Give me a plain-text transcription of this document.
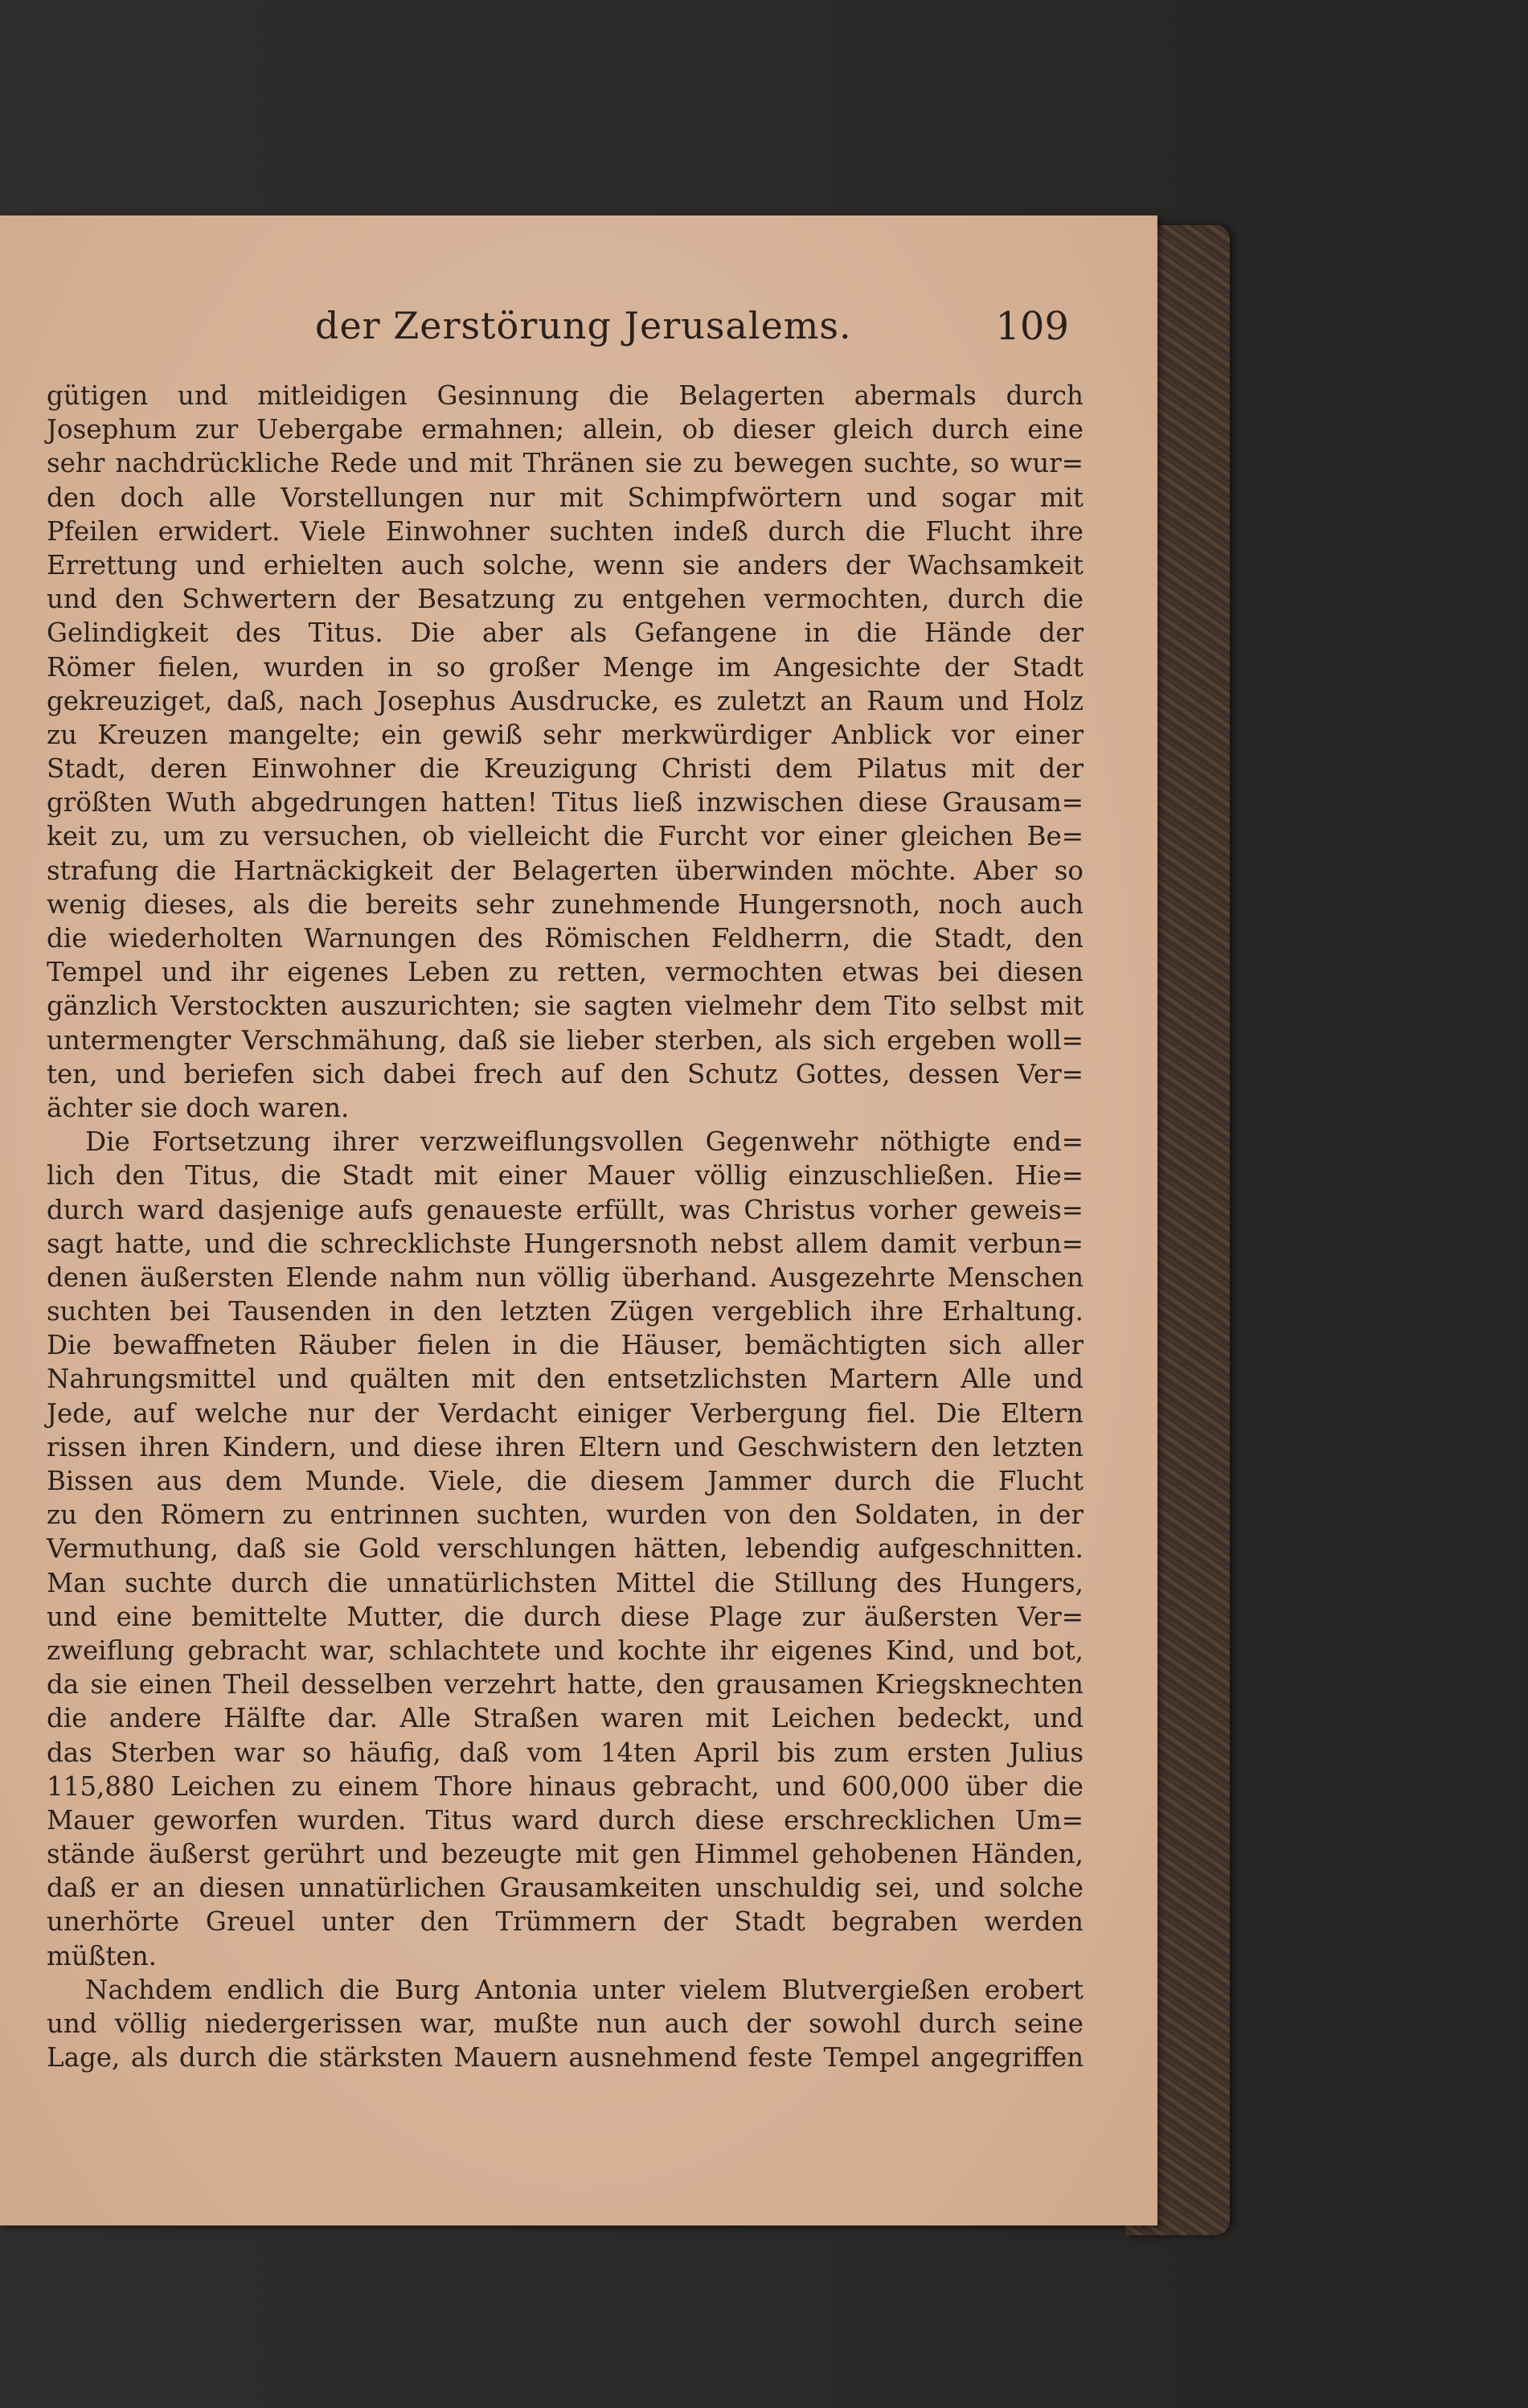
der Zerstörung Jerusalems.	109
gütigen und mitleidigen Gesinnung die Belagerten abermals durch
Josephum zur Uebergabe ermahnen; allein, ob dieser gleich durch eine
sehr nachdrückliche Rede und mit Thränen sie zu bewegen suchte, so wur=
den doch alle Vorstellungen nur mit Schimpfwörtern und sogar mit
Pfeilen erwidert. Viele Einwohner suchten indeß durch die Flucht ihre
Errettung und erhielten auch solche, wenn sie anders der Wachsamkeit
und den Schwertern der Besatzung zu entgehen vermochten, durch die
Gelindigkeit des Titus. Die aber als Gefangene in die Hände der
Römer fielen, wurden in so großer Menge im Angesichte der Stadt
gekreuziget, daß, nach Josephus Ausdrucke, es zuletzt an Raum und Holz
zu Kreuzen mangelte; ein gewiß sehr merkwürdiger Anblick vor einer
Stadt, deren Einwohner die Kreuzigung Christi dem Pilatus mit der
größten Wuth abgedrungen hatten! Titus ließ inzwischen diese Grausam=
keit zu, um zu versuchen, ob vielleicht die Furcht vor einer gleichen Be=
strafung die Hartnäckigkeit der Belagerten überwinden möchte. Aber so
wenig dieses, als die bereits sehr zunehmende Hungersnoth, noch auch
die wiederholten Warnungen des Römischen Feldherrn, die Stadt, den
Tempel und ihr eigenes Leben zu retten, vermochten etwas bei diesen
gänzlich Verstockten auszurichten; sie sagten vielmehr dem Tito selbst mit
untermengter Verschmähung, daß sie lieber sterben, als sich ergeben woll=
ten, und beriefen sich dabei frech auf den Schutz Gottes, dessen Ver=
ächter sie doch waren.
Die Fortsetzung ihrer verzweiflungsvollen Gegenwehr nöthigte end=
lich den Titus, die Stadt mit einer Mauer völlig einzuschließen. Hie=
durch ward dasjenige aufs genaueste erfüllt, was Christus vorher geweis=
sagt hatte, und die schrecklichste Hungersnoth nebst allem damit verbun=
denen äußersten Elende nahm nun völlig überhand. Ausgezehrte Menschen
suchten bei Tausenden in den letzten Zügen vergeblich ihre Erhaltung.
Die bewaffneten Räuber fielen in die Häuser, bemächtigten sich aller
Nahrungsmittel und quälten mit den entsetzlichsten Martern Alle und
Jede, auf welche nur der Verdacht einiger Verbergung fiel. Die Eltern
rissen ihren Kindern, und diese ihren Eltern und Geschwistern den letzten
Bissen aus dem Munde. Viele, die diesem Jammer durch die Flucht
zu den Römern zu entrinnen suchten, wurden von den Soldaten, in der
Vermuthung, daß sie Gold verschlungen hätten, lebendig aufgeschnitten.
Man suchte durch die unnatürlichsten Mittel die Stillung des Hungers,
und eine bemittelte Mutter, die durch diese Plage zur äußersten Ver=
zweiflung gebracht war, schlachtete und kochte ihr eigenes Kind, und bot,
da sie einen Theil desselben verzehrt hatte, den grausamen Kriegsknechten
die andere Hälfte dar. Alle Straßen waren mit Leichen bedeckt, und
das Sterben war so häufig, daß vom 14ten April bis zum ersten Julius
115,880 Leichen zu einem Thore hinaus gebracht, und 600,000 über die
Mauer geworfen wurden. Titus ward durch diese erschrecklichen Um=
stände äußerst gerührt und bezeugte mit gen Himmel gehobenen Händen,
daß er an diesen unnatürlichen Grausamkeiten unschuldig sei, und solche
unerhörte Greuel unter den Trümmern der Stadt begraben werden
müßten.
Nachdem endlich die Burg Antonia unter vielem Blutvergießen erobert
und völlig niedergerissen war, mußte nun auch der sowohl durch seine
Lage, als durch die stärksten Mauern ausnehmend feste Tempel angegriffen
